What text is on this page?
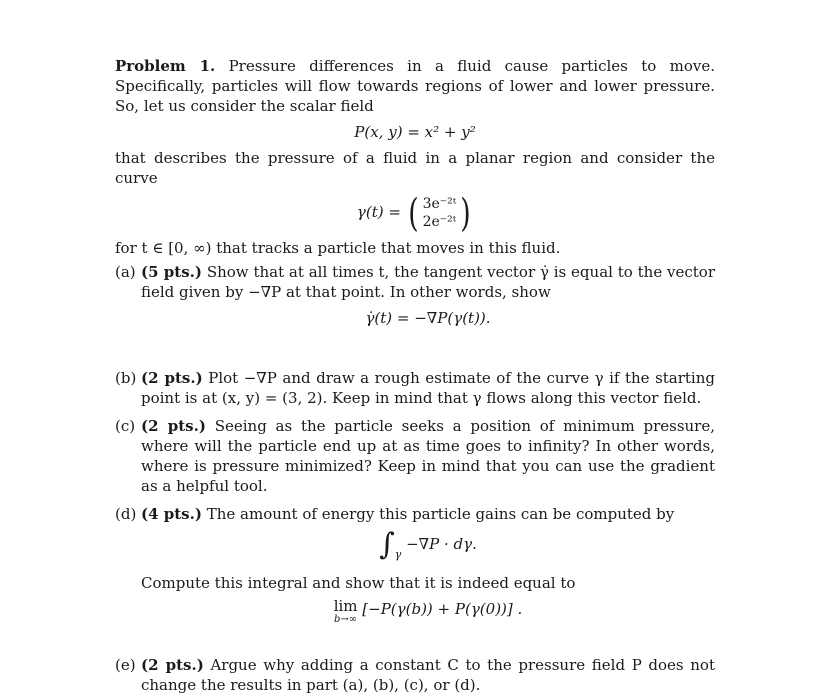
Problem 1. Pressure differences in a fluid cause particles to move. Specifically, particles will flow towards regions of lower and lower pressure. So, let us consider the scalar field

P(x, y) = x² + y²

that describes the pressure of a fluid in a planar region and consider the curve

γ(t) = ( 3e⁻²ᵗ
2e⁻²ᵗ )

for t ∈ [0, ∞) that tracks a particle that moves in this fluid.

(a) (5 pts.) Show that at all times t, the tangent vector γ̇ is equal to the vector field given by −∇P at that point. In other words, show
γ̇(t) = −∇P(γ(t)).
(b) (2 pts.) Plot −∇P and draw a rough estimate of the curve γ if the starting point is at (x, y) = (3, 2). Keep in mind that γ flows along this vector field.
(c) (2 pts.) Seeing as the particle seeks a position of minimum pressure, where will the particle end up at as time goes to infinity? In other words, where is pressure minimized? Keep in mind that you can use the gradient as a helpful tool.
(d) (4 pts.) The amount of energy this particle gains can be computed by
$\int_\gamma -\nabla P \cdot d\gamma$.

Compute this integral and show that it is indeed equal to

lim
b→∞
[−P(γ(b)) + P(γ(0))] .
(e) (2 pts.) Argue why adding a constant C to the pressure field P does not change the results in part (a), (b), (c), or (d).
